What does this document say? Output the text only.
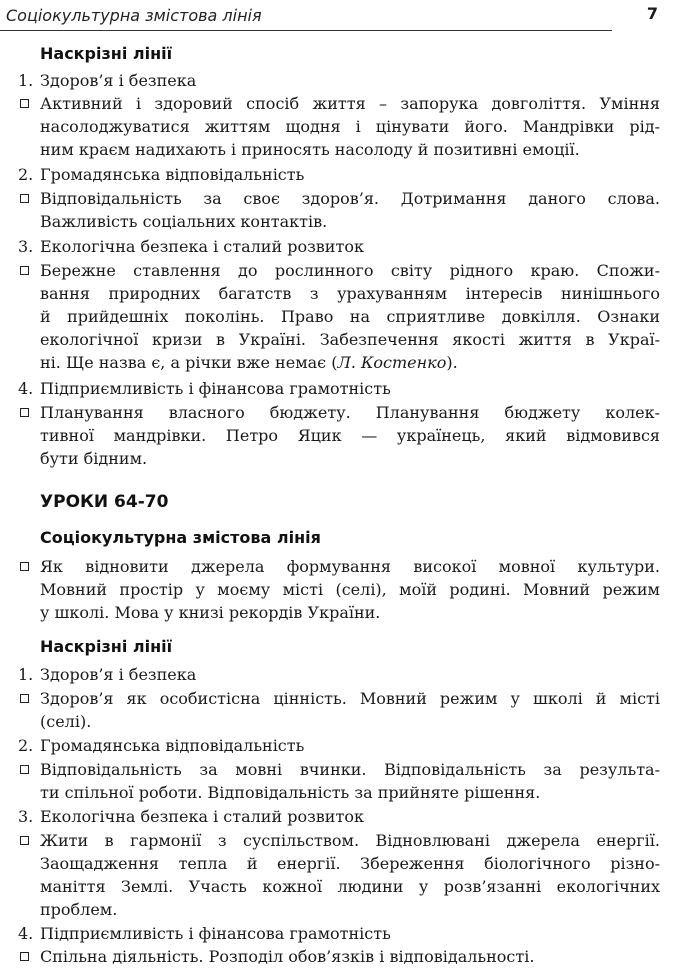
Соціокультурна змістова лінія	7
Наскрізні лінії
1. Здоров’я і безпека
Активний і здоровий спосіб життя – запорука довголіття. Уміння
насолоджуватися життям щодня і цінувати його. Мандрівки рід-
ним краєм надихають і приносять насолоду й позитивні емоції.
2. Громадянська відповідальність
Відповідальність за своє здоров’я. Дотримання даного слова.
Важливість соціальних контактів.
3. Екологічна безпека і сталий розвиток
Бережне ставлення до рослинного світу рідного краю. Спожи-
вання природних багатств з урахуванням інтересів нинішнього
й прийдешніх поколінь. Право на сприятливе довкілля. Ознаки
екологічної кризи в Україні. Забезпечення якості життя в Украї-
ні. Ще назва є, а річки вже немає (Л. Костенко).
4. Підприємливість і фінансова грамотність
Планування власного бюджету. Планування бюджету колек-
тивної мандрівки. Петро Яцик — українець, який відмовився
бути бідним.
УРОКИ 64-70
Соціокультурна змістова лінія
Як відновити джерела формування високої мовної культури.
Мовний простір у моєму місті (селі), моїй родині. Мовний режим
у школі. Мова у книзі рекордів України.
Наскрізні лінії
1. Здоров’я і безпека
Здоров’я як особистісна цінність. Мовний режим у школі й місті
(селі).
2. Громадянська відповідальність
Відповідальність за мовні вчинки. Відповідальність за результа-
ти спільної роботи. Відповідальність за прийняте рішення.
3. Екологічна безпека і сталий розвиток
Жити в гармонії з суспільством. Відновлювані джерела енергії.
Заощадження тепла й енергії. Збереження біологічного різно-
маніття Землі. Участь кожної людини у розв’язанні екологічних
проблем.
4. Підприємливість і фінансова грамотність
Спільна діяльність. Розподіл обов’язків і відповідальності.
